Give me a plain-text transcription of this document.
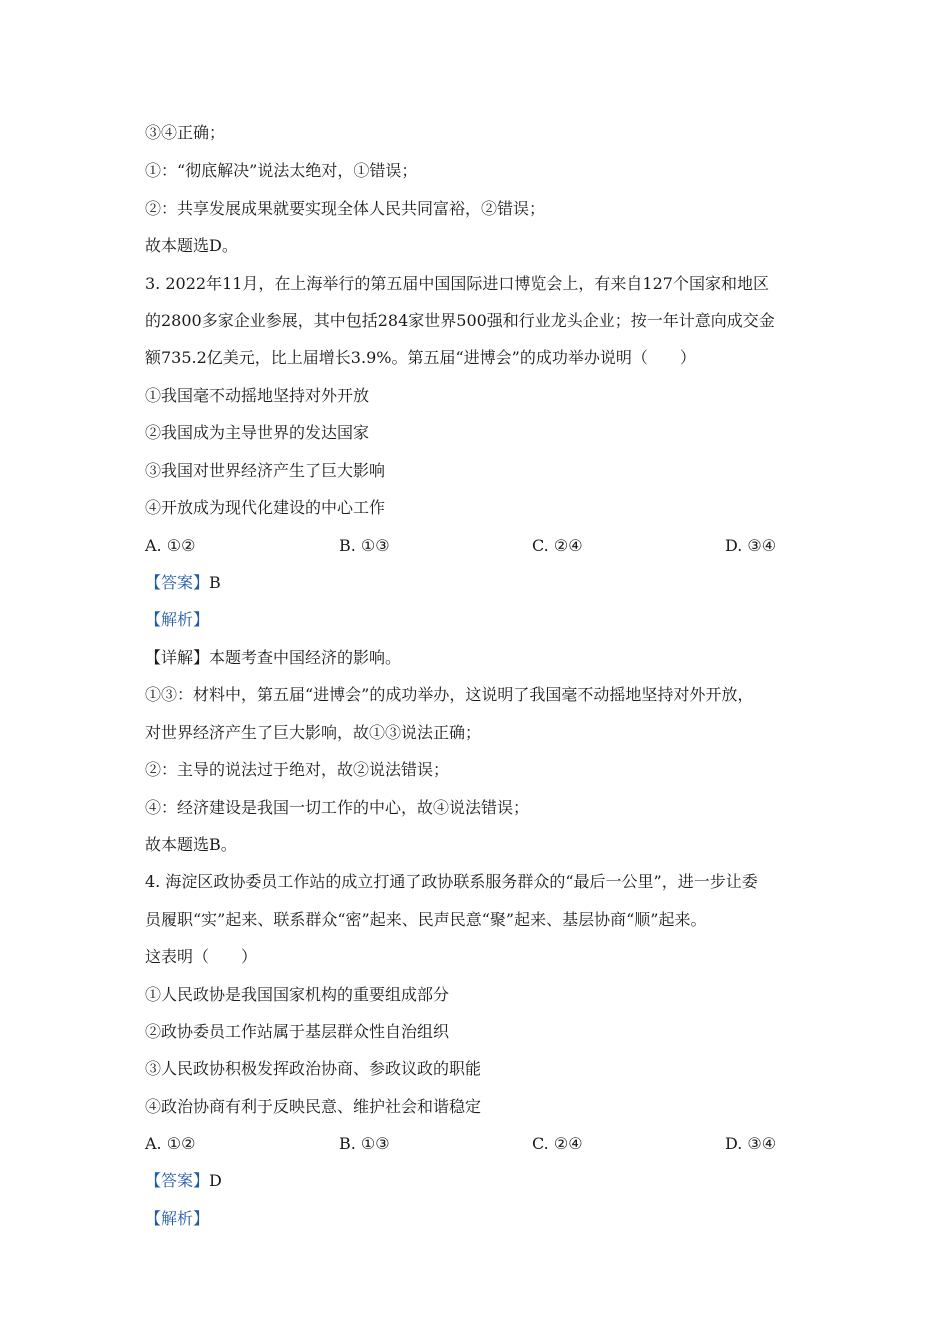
③④正确；
①：“彻底解决”说法太绝对，①错误；
②：共享发展成果就要实现全体人民共同富裕，②错误；
故本题选D。
3. 2022年11月，在上海举行的第五届中国国际进口博览会上，有来自127个国家和地区
的2800多家企业参展，其中包括284家世界500强和行业龙头企业；按一年计意向成交金
额735.2亿美元，比上届增长3.9%。第五届“进博会”的成功举办说明（　　）
①我国毫不动摇地坚持对外开放
②我国成为主导世界的发达国家
③我国对世界经济产生了巨大影响
④开放成为现代化建设的中心工作
A. ①②	B. ①③	C. ②④	D. ③④
【答案】B
【解析】
【详解】本题考查中国经济的影响。
①③：材料中，第五届“进博会”的成功举办，这说明了我国毫不动摇地坚持对外开放，
对世界经济产生了巨大影响，故①③说法正确；
②：主导的说法过于绝对，故②说法错误；
④：经济建设是我国一切工作的中心，故④说法错误；
故本题选B。
4. 海淀区政协委员工作站的成立打通了政协联系服务群众的“最后一公里”，进一步让委
员履职“实”起来、联系群众“密”起来、民声民意“聚”起来、基层协商“顺”起来。
这表明（　　）
①人民政协是我国国家机构的重要组成部分
②政协委员工作站属于基层群众性自治组织
③人民政协积极发挥政治协商、参政议政的职能
④政治协商有利于反映民意、维护社会和谐稳定
A. ①②	B. ①③	C. ②④	D. ③④
【答案】D
【解析】
